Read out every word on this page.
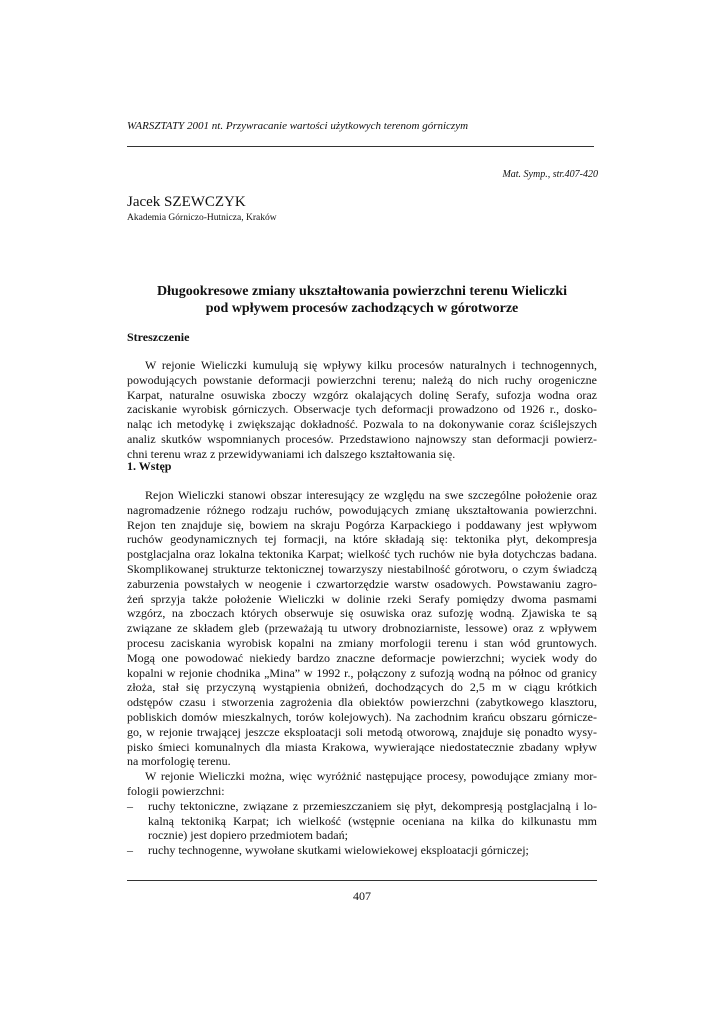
WARSZTATY 2001 nt. Przywracanie wartości użytkowych terenom górniczym
Mat. Symp., str.407-420
Jacek SZEWCZYK
Akademia Górniczo-Hutnicza, Kraków
Długookresowe zmiany ukształtowania powierzchni terenu Wieliczki
pod wpływem procesów zachodzących w górotworze
Streszczenie
W rejonie Wieliczki kumulują się wpływy kilku procesów naturalnych i technogennych,
powodujących powstanie deformacji powierzchni terenu; należą do nich ruchy orogeniczne
Karpat, naturalne osuwiska zboczy wzgórz okalających dolinę Serafy, sufozja wodna oraz
zaciskanie wyrobisk górniczych. Obserwacje tych deformacji prowadzono od 1926 r., dosko-
naląc ich metodykę i zwiększając dokładność. Pozwala to na dokonywanie coraz ściślejszych
analiz skutków wspomnianych procesów. Przedstawiono najnowszy stan deformacji powierz-
chni terenu wraz z przewidywaniami ich dalszego kształtowania się.
1. Wstęp
Rejon Wieliczki stanowi obszar interesujący ze względu na swe szczególne położenie oraz
nagromadzenie różnego rodzaju ruchów, powodujących zmianę ukształtowania powierzchni.
Rejon ten znajduje się, bowiem na skraju Pogórza Karpackiego i poddawany jest wpływom
ruchów geodynamicznych tej formacji, na które składają się: tektonika płyt, dekompresja
postglacjalna oraz lokalna tektonika Karpat; wielkość tych ruchów nie była dotychczas badana.
Skomplikowanej strukturze tektonicznej towarzyszy niestabilność górotworu, o czym świadczą
zaburzenia powstałych w neogenie i czwartorzędzie warstw osadowych. Powstawaniu zagro-
żeń sprzyja także położenie Wieliczki w dolinie rzeki Serafy pomiędzy dwoma pasmami
wzgórz, na zboczach których obserwuje się osuwiska oraz sufozję wodną. Zjawiska te są
związane ze składem gleb (przeważają tu utwory drobnoziarniste, lessowe) oraz z wpływem
procesu zaciskania wyrobisk kopalni na zmiany morfologii terenu i stan wód gruntowych.
Mogą one powodować niekiedy bardzo znaczne deformacje powierzchni; wyciek wody do
kopalni w rejonie chodnika „Mina” w 1992 r., połączony z sufozją wodną na północ od granicy
złoża, stał się przyczyną wystąpienia obniżeń, dochodzących do 2,5 m w ciągu krótkich
odstępów czasu i stworzenia zagrożenia dla obiektów powierzchni (zabytkowego klasztoru,
pobliskich domów mieszkalnych, torów kolejowych). Na zachodnim krańcu obszaru górnicze-
go, w rejonie trwającej jeszcze eksploatacji soli metodą otworową, znajduje się ponadto wysy-
pisko śmieci komunalnych dla miasta Krakowa, wywierające niedostatecznie zbadany wpływ
na morfologię terenu.
W rejonie Wieliczki można, więc wyróżnić następujące procesy, powodujące zmiany mor-
fologii powierzchni:
– ruchy tektoniczne, związane z przemieszczaniem się płyt, dekompresją postglacjalną i lo-
kalną tektoniką Karpat; ich wielkość (wstępnie oceniana na kilka do kilkunastu mm
rocznie) jest dopiero przedmiotem badań;
– ruchy technogenne, wywołane skutkami wielowiekowej eksploatacji górniczej;
407
